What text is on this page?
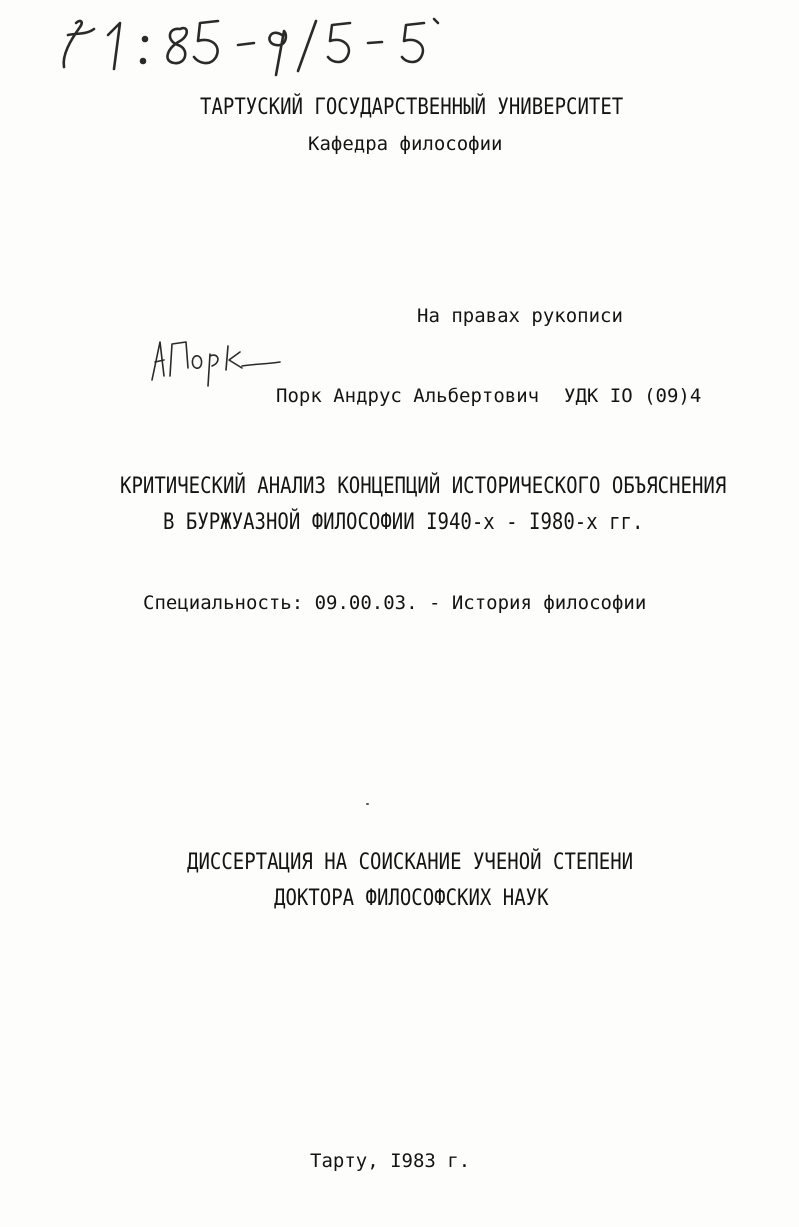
ТАРТУСКИЙ ГОСУДАРСТВЕННЫЙ УНИВЕРСИТЕТ
Кафедра философии
На правах рукописи
Порк Андрус Альбертович УДК IO (09)4
КРИТИЧЕСКИЙ АНАЛИЗ КОНЦЕПЦИЙ ИСТОРИЧЕСКОГО ОБЪЯСНЕНИЯ
В БУРЖУАЗНОЙ ФИЛОСОФИИ I940-х - I980-х гг.
Специальность: 09.00.03. - История философии
ДИССЕРТАЦИЯ НА СОИСКАНИЕ УЧЕНОЙ СТЕПЕНИ
ДОКТОРА ФИЛОСОФСКИХ НАУК
Тарту, I983 г.
